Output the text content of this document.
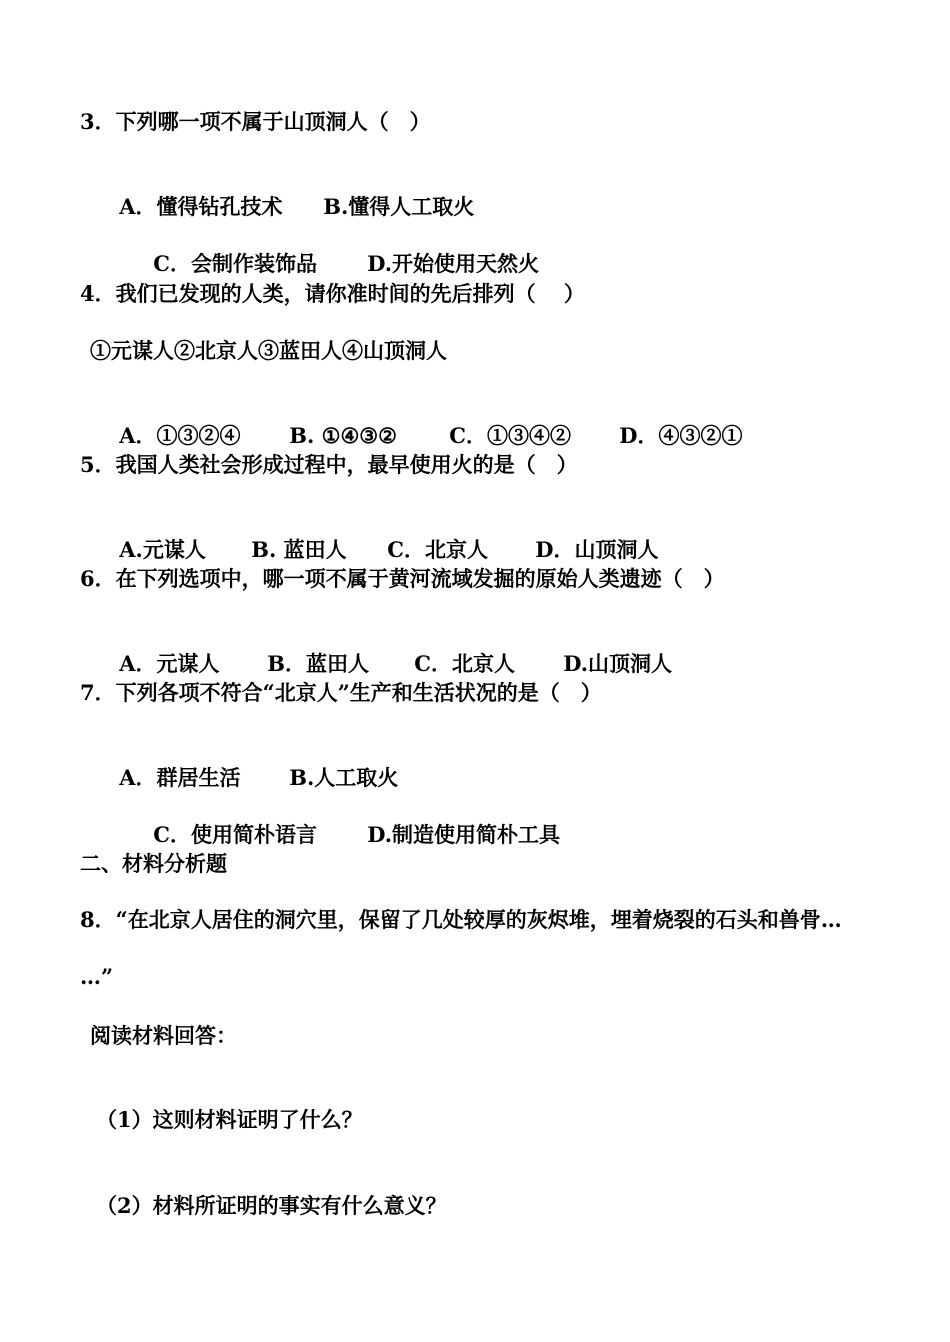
3．下列哪一项不属于山顶洞人（　）

A．懂得钻孔技术 B.懂得人工取火

C．会制作装饰品 D.开始使用天然火

4．我们已发现的人类，请你准时间的先后排列（　 ）
①元谋人②北京人③蓝田人④山顶洞人

A．①③②④ B. ①④③② C．①③④② D．④③②①

5．我国人类社会形成过程中，最早使用火的是（　）

A.元谋人 B. 蓝田人 C．北京人 D．山顶洞人

6．在下列选项中，哪一项不属于黄河流域发掘的原始人类遗迹（　）

A．元谋人 B．蓝田人 C．北京人 D.山顶洞人

7．下列各项不符合“北京人”生产和生活状况的是（　）

A．群居生活 B.人工取火

C．使用简朴语言 D.制造使用简朴工具

二、材料分析题
8．“在北京人居住的洞穴里，保留了几处较厚的灰烬堆，埋着烧裂的石头和兽骨…
…”
阅读材料回答：
（1）这则材料证明了什么？
（2）材料所证明的事实有什么意义？
